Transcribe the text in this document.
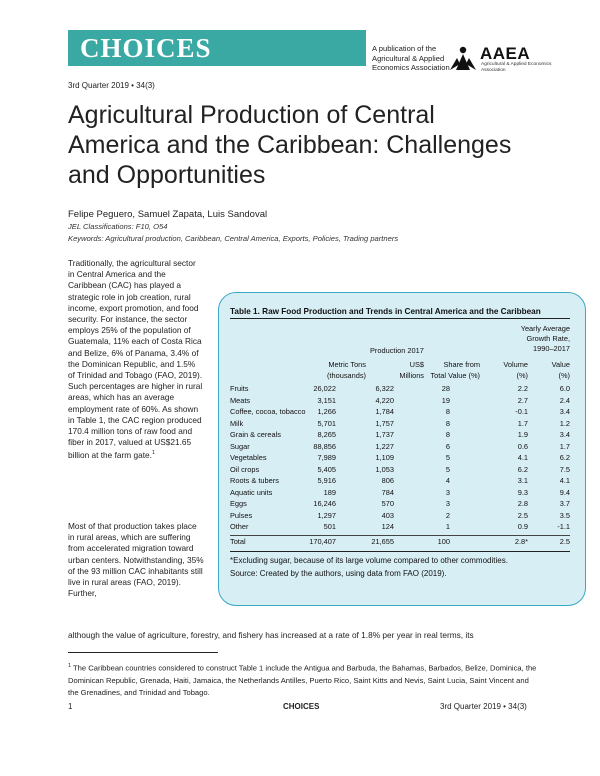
CHOICES	A publication of the
Agricultural & Applied
Economics Association
AAEA
Agricultural & Applied Economics Association
3rd Quarter 2019 • 34(3)
Agricultural Production of Central
America and the Caribbean: Challenges
and Opportunities
Felipe Peguero, Samuel Zapata, Luis Sandoval
JEL Classifications: F10, O54
Keywords: Agricultural production, Caribbean, Central America, Exports, Policies, Trading partners
Traditionally, the agricultural sector in Central America and the Caribbean (CAC) has played a strategic role in job creation, rural income, export promotion, and food security. For instance, the sector employs 25% of the population of Guatemala, 11% each of Costa Rica and Belize, 6% of Panama, 3.4% of the Dominican Republic, and 1.5% of Trinidad and Tobago (FAO, 2019). Such percentages are higher in rural areas, which has an average employment rate of 60%. As shown in Table 1, the CAC region produced 170.4 million tons of raw food and fiber in 2017, valued at US$21.65 billion at the farm gate.$^1$
Most of that production takes place in rural areas, which are suffering from accelerated migration toward urban centers. Notwithstanding, 35% of the 93 million CAC inhabitants still live in rural areas (FAO, 2019). Further,
although the value of agriculture, forestry, and fishery has increased at a rate of 1.8% per year in real terms, its
Table 1. Raw Food Production and Trends in Central America and the Caribbean
Yearly Average
Growth Rate,
1990–2017
Production 2017
Metric Tons
(thousands)
US$
Millions
Share from
Total Value (%)
Volume
(%)
Value
(%)
Fruits	26,022	6,322	28	2.2	6.0
Meats	3,151	4,220	19	2.7	2.4
Coffee, cocoa, tobacco 1,266	1,784	8	-0.1	3.4
Milk	5,701	1,757	8	1.7	1.2
Grain & cereals	8,265	1,737	8	1.9	3.4
Sugar	88,856	1,227	6	0.6	1.7
Vegetables	7,989	1,109	5	4.1	6.2
Oil crops	5,405	1,053	5	6.2	7.5
Roots & tubers	5,916	806	4	3.1	4.1
Aquatic units	189	784	3	9.3	9.4
Eggs	16,246	570	3	2.8	3.7
Pulses	1,297	403	2	2.5	3.5
Other	501	124	1	0.9	-1.1
Total	170,407	21,655	100	2.8*	2.5
*Excluding sugar, because of its large volume compared to other commodities.
Source: Created by the authors, using data from FAO (2019).
$^1$ The Caribbean countries considered to construct Table 1 include the Antigua and Barbuda, the Bahamas, Barbados, Belize, Dominica, the Dominican Republic, Grenada, Haiti, Jamaica, the Netherlands Antilles, Puerto Rico, Saint Kitts and Nevis, Saint Lucia, Saint Vincent and the Grenadines, and Trinidad and Tobago.
1	CHOICES	3rd Quarter 2019 • 34(3)
